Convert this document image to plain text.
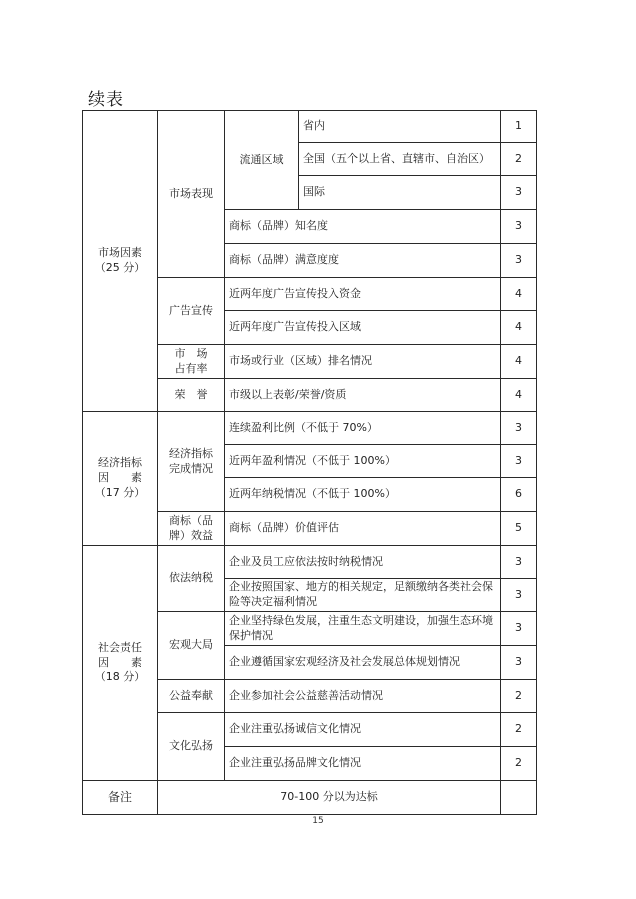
续表
市场因素
（25 分）	市场表现	流通区域	省内	1
			全国（五个以上省、直辖市、自治区）	2
			国际	3
		商标（品牌）知名度		3
		商标（品牌）满意度度		3
	广告宣传	近两年度广告宣传投入资金		4
		近两年度广告宣传投入区域		4

	市　场
占有率	市场或行业（区域）排名情况		4
	荣　誉	市级以上表彰/荣誉/资质		4

经济指标
因　　素
（17 分）	经济指标
完成情况	连续盈利比例（不低于 70%）		3
		近两年盈利情况（不低于 100%）		3
		近两年纳税情况（不低于 100%）		6

	商标（品
牌）效益	商标（品牌）价值评估		5

社会责任
因　　素
（18 分）	依法纳税	企业及员工应依法按时纳税情况		3
		企业按照国家、地方的相关规定，足额缴纳各类社会保险等决定福利情况		3
	宏观大局	企业坚持绿色发展，注重生态文明建设，加强生态环境保护情况		3
		企业遵循国家宏观经济及社会发展总体规划情况		3
	公益奉献	企业参加社会公益慈善活动情况		2
	文化弘扬	企业注重弘扬诚信文化情况		2
		企业注重弘扬品牌文化情况		2
备注	70-100 分以为达标			
15
